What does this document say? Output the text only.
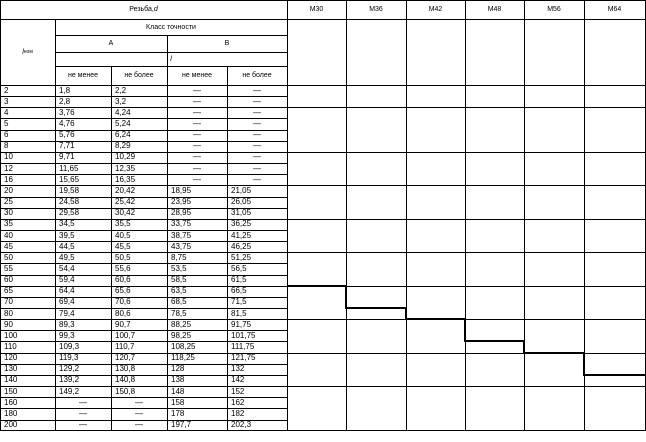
Резьба, d
l ном
Класс точности
A	B
l
не менее	не более	не менее	не более
M30	M36	M42	M48	M56	M64
2	1,8	2,2	—	—
3	2,8	3,2	—	—
4	3,76	4,24	—	—
5	4,76	5,24	—	—
6	5,76	6,24	—	—
8	7,71	8,29	—	—
10	9,71	10,29	—	—
12	11,65	12,35	—	—
16	15,65	16,35	—	—
20	19,58	20,42	18,95	21,05
25	24,58	25,42	23,95	26,05
30	29,58	30,42	28,95	31,05
35	34,5	35,5	33,75	36,25
40	39,5	40,5	38,75	41,25
45	44,5	45,5	43,75	46,25
50	49,5	50,5	8,75	51,25
55	54,4	55,6	53,5	56,5
60	59,4	60,6	58,5	61,5
65	64,4	65,6	63,5	66,5
70	69,4	70,6	68,5	71,5
80	79,4	80,6	78,5	81,5
90	89,3	90,7	88,25	91,75
100	99,3	100,7	98,25	101,75
110	109,3	110,7	108,25	111,75
120	119,3	120,7	118,25	121,75
130	129,2	130,8	128	132
140	139,2	140,8	138	142
150	149,2	150,8	148	152
160	—	—	158	162
180	—	—	178	182
200	—	—	197,7	202,3
